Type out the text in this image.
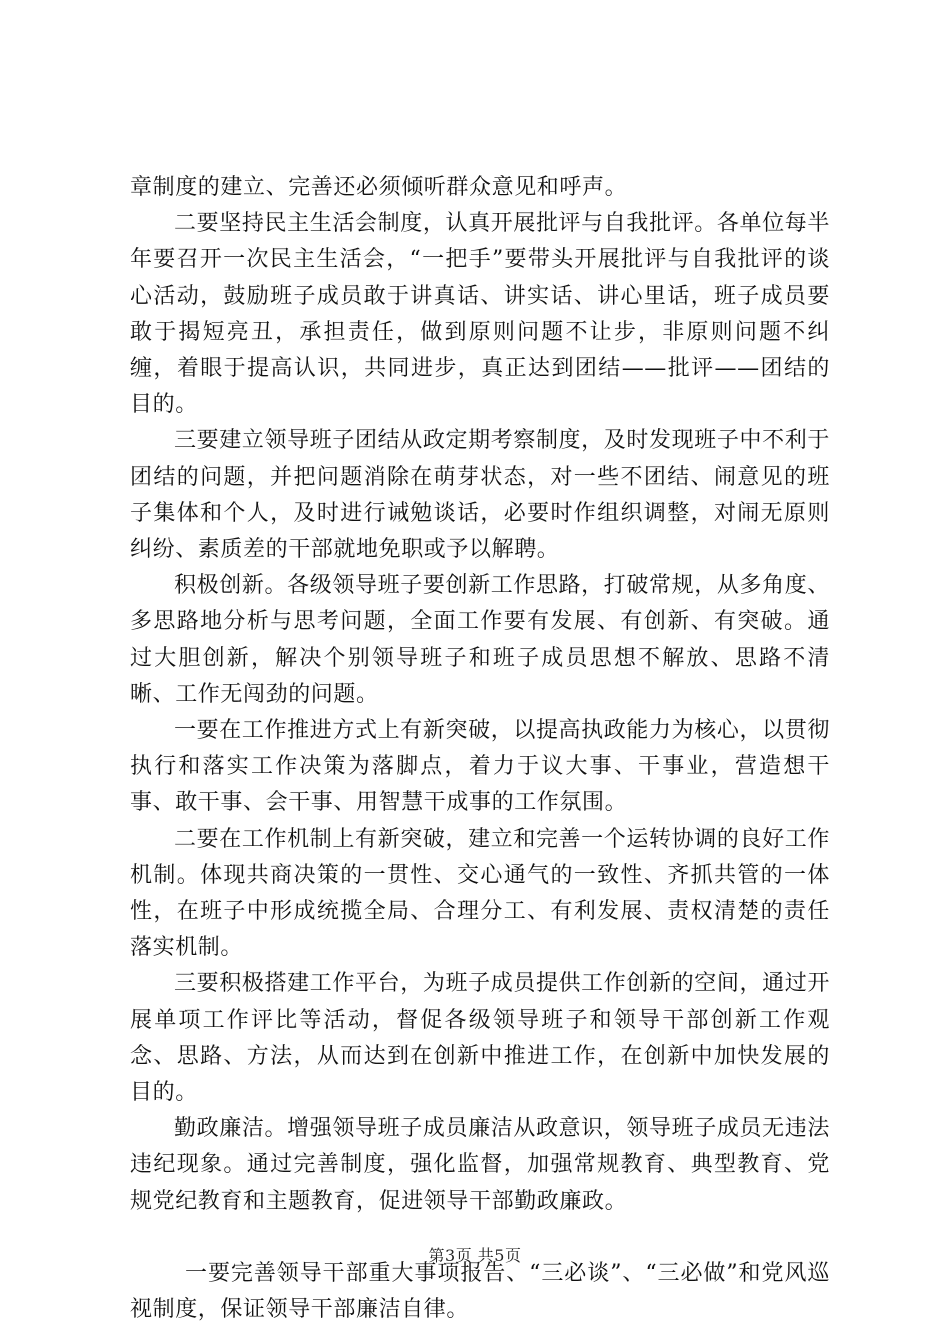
章制度的建立、完善还必须倾听群众意见和呼声。

二要坚持民主生活会制度，认真开展批评与自我批评。各单位每半年要召开一次民主生活会，“一把手”要带头开展批评与自我批评的谈心活动，鼓励班子成员敢于讲真话、讲实话、讲心里话，班子成员要敢于揭短亮丑，承担责任，做到原则问题不让步，非原则问题不纠缠，着眼于提高认识，共同进步，真正达到团结——批评——团结的目的。

三要建立领导班子团结从政定期考察制度，及时发现班子中不利于团结的问题，并把问题消除在萌芽状态，对一些不团结、闹意见的班子集体和个人，及时进行诫勉谈话，必要时作组织调整，对闹无原则纠纷、素质差的干部就地免职或予以解聘。

积极创新。各级领导班子要创新工作思路，打破常规，从多角度、多思路地分析与思考问题，全面工作要有发展、有创新、有突破。通过大胆创新，解决个别领导班子和班子成员思想不解放、思路不清晰、工作无闯劲的问题。

一要在工作推进方式上有新突破，以提高执政能力为核心，以贯彻执行和落实工作决策为落脚点，着力于议大事、干事业，营造想干事、敢干事、会干事、用智慧干成事的工作氛围。

二要在工作机制上有新突破，建立和完善一个运转协调的良好工作机制。体现共商决策的一贯性、交心通气的一致性、齐抓共管的一体性，在班子中形成统揽全局、合理分工、有利发展、责权清楚的责任落实机制。

三要积极搭建工作平台，为班子成员提供工作创新的空间，通过开展单项工作评比等活动，督促各级领导班子和领导干部创新工作观念、思路、方法，从而达到在创新中推进工作，在创新中加快发展的目的。

勤政廉洁。增强领导班子成员廉洁从政意识，领导班子成员无违法违纪现象。通过完善制度，强化监督，加强常规教育、典型教育、党规党纪教育和主题教育，促进领导干部勤政廉政。

一要完善领导干部重大事项报告、“三必谈”、“三必做”和党风巡视制度，保证领导干部廉洁自律。

第3页 共5页
